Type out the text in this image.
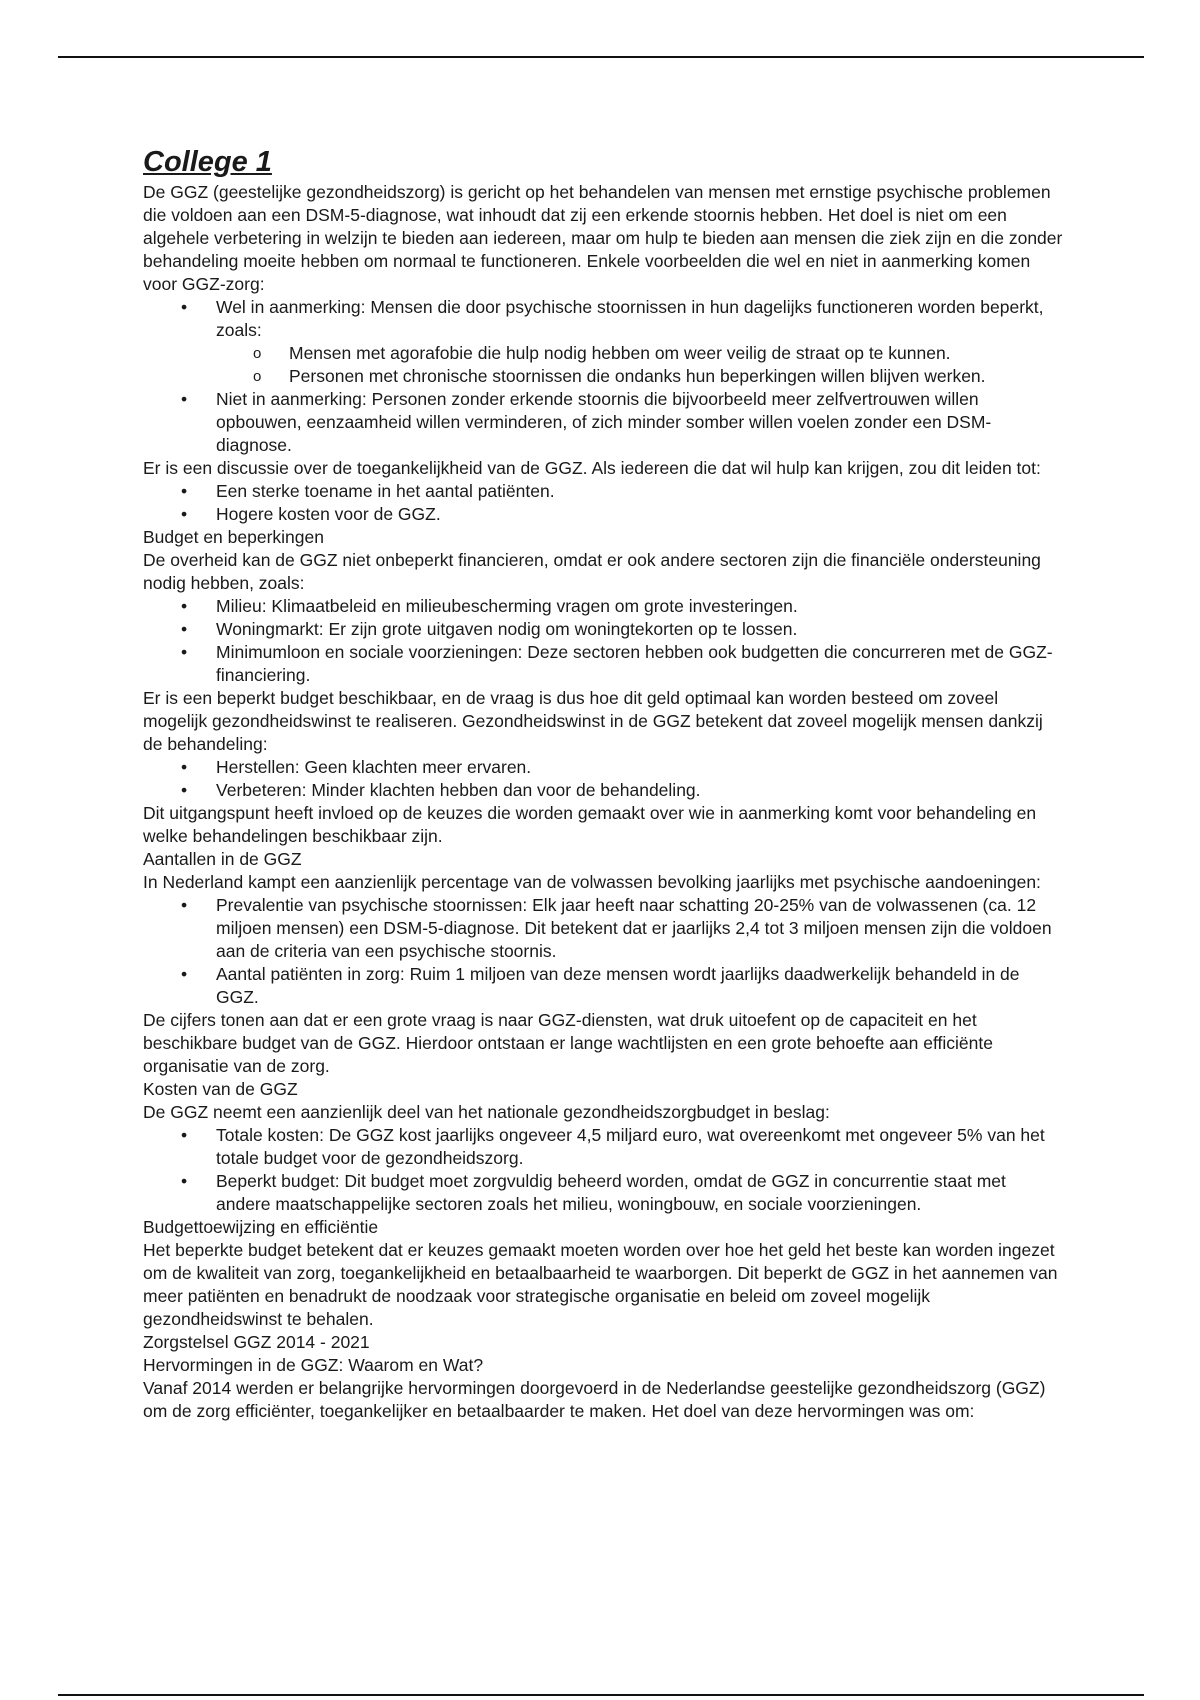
College 1

De GGZ (geestelijke gezondheidszorg) is gericht op het behandelen van mensen met ernstige psychische problemen die voldoen aan een DSM-5-diagnose, wat inhoudt dat zij een erkende stoornis hebben. Het doel is niet om een algehele verbetering in welzijn te bieden aan iedereen, maar om hulp te bieden aan mensen die ziek zijn en die zonder behandeling moeite hebben om normaal te functioneren. Enkele voorbeelden die wel en niet in aanmerking komen voor GGZ-zorg:

• Wel in aanmerking: Mensen die door psychische stoornissen in hun dagelijks functioneren worden beperkt, zoals:
o Mensen met agorafobie die hulp nodig hebben om weer veilig de straat op te kunnen.
o Personen met chronische stoornissen die ondanks hun beperkingen willen blijven werken.
• Niet in aanmerking: Personen zonder erkende stoornis die bijvoorbeeld meer zelfvertrouwen willen opbouwen, eenzaamheid willen verminderen, of zich minder somber willen voelen zonder een DSM-diagnose.

Er is een discussie over de toegankelijkheid van de GGZ. Als iedereen die dat wil hulp kan krijgen, zou dit leiden tot:

• Een sterke toename in het aantal patiënten.
• Hogere kosten voor de GGZ.

Budget en beperkingen

De overheid kan de GGZ niet onbeperkt financieren, omdat er ook andere sectoren zijn die financiële ondersteuning nodig hebben, zoals:

• Milieu: Klimaatbeleid en milieubescherming vragen om grote investeringen.
• Woningmarkt: Er zijn grote uitgaven nodig om woningtekorten op te lossen.
• Minimumloon en sociale voorzieningen: Deze sectoren hebben ook budgetten die concurreren met de GGZ-financiering.

Er is een beperkt budget beschikbaar, en de vraag is dus hoe dit geld optimaal kan worden besteed om zoveel mogelijk gezondheidswinst te realiseren. Gezondheidswinst in de GGZ betekent dat zoveel mogelijk mensen dankzij de behandeling:

• Herstellen: Geen klachten meer ervaren.
• Verbeteren: Minder klachten hebben dan voor de behandeling.

Dit uitgangspunt heeft invloed op de keuzes die worden gemaakt over wie in aanmerking komt voor behandeling en welke behandelingen beschikbaar zijn.

Aantallen in de GGZ

In Nederland kampt een aanzienlijk percentage van de volwassen bevolking jaarlijks met psychische aandoeningen:

• Prevalentie van psychische stoornissen: Elk jaar heeft naar schatting 20-25% van de volwassenen (ca. 12 miljoen mensen) een DSM-5-diagnose. Dit betekent dat er jaarlijks 2,4 tot 3 miljoen mensen zijn die voldoen aan de criteria van een psychische stoornis.
• Aantal patiënten in zorg: Ruim 1 miljoen van deze mensen wordt jaarlijks daadwerkelijk behandeld in de GGZ.

De cijfers tonen aan dat er een grote vraag is naar GGZ-diensten, wat druk uitoefent op de capaciteit en het beschikbare budget van de GGZ. Hierdoor ontstaan er lange wachtlijsten en een grote behoefte aan efficiënte organisatie van de zorg.

Kosten van de GGZ

De GGZ neemt een aanzienlijk deel van het nationale gezondheidszorgbudget in beslag:

• Totale kosten: De GGZ kost jaarlijks ongeveer 4,5 miljard euro, wat overeenkomt met ongeveer 5% van het totale budget voor de gezondheidszorg.
• Beperkt budget: Dit budget moet zorgvuldig beheerd worden, omdat de GGZ in concurrentie staat met andere maatschappelijke sectoren zoals het milieu, woningbouw, en sociale voorzieningen.

Budgettoewijzing en efficiëntie

Het beperkte budget betekent dat er keuzes gemaakt moeten worden over hoe het geld het beste kan worden ingezet om de kwaliteit van zorg, toegankelijkheid en betaalbaarheid te waarborgen. Dit beperkt de GGZ in het aannemen van meer patiënten en benadrukt de noodzaak voor strategische organisatie en beleid om zoveel mogelijk gezondheidswinst te behalen.

Zorgstelsel GGZ 2014 - 2021

Hervormingen in de GGZ: Waarom en Wat?

Vanaf 2014 werden er belangrijke hervormingen doorgevoerd in de Nederlandse geestelijke gezondheidszorg (GGZ) om de zorg efficiënter, toegankelijker en betaalbaarder te maken. Het doel van deze hervormingen was om:
